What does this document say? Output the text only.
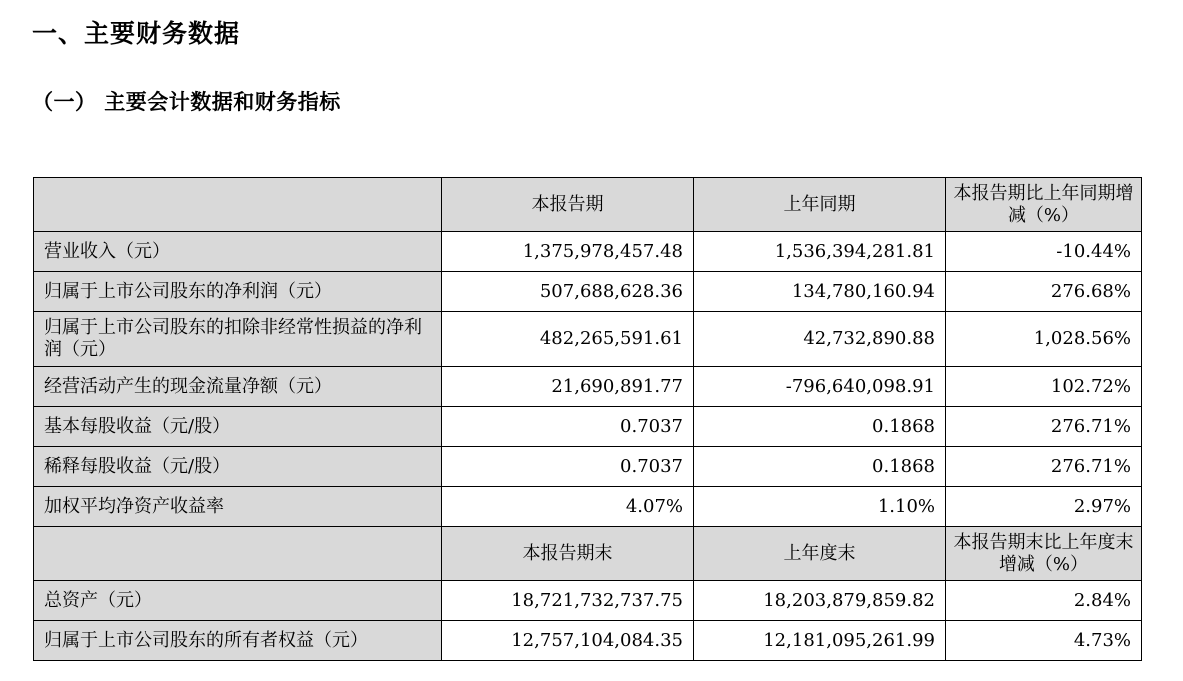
一、主要财务数据
（一） 主要会计数据和财务指标
	本报告期	上年同期	本报告期比上年同期增减（%）
营业收入（元）	1,375,978,457.48	1,536,394,281.81	-10.44%
归属于上市公司股东的净利润（元）	507,688,628.36	134,780,160.94	276.68%
归属于上市公司股东的扣除非经常性损益的净利润（元）	482,265,591.61	42,732,890.88	1,028.56%
经营活动产生的现金流量净额（元）	21,690,891.77	-796,640,098.91	102.72%
基本每股收益（元/股）	0.7037	0.1868	276.71%
稀释每股收益（元/股）	0.7037	0.1868	276.71%
加权平均净资产收益率	4.07%	1.10%	2.97%
	本报告期末	上年度末	本报告期末比上年度末增减（%）
总资产（元）	18,721,732,737.75	18,203,879,859.82	2.84%
归属于上市公司股东的所有者权益（元）	12,757,104,084.35	12,181,095,261.99	4.73%
